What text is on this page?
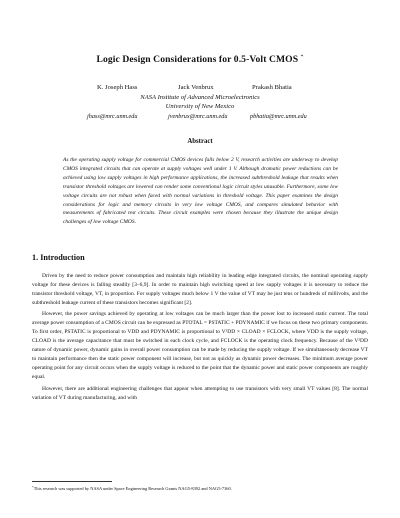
Logic Design Considerations for 0.5-Volt CMOS *
K. Joseph Hass	Jack Venbrux	Prakash Bhatia
NASA Institute of Advanced Microelectronics
University of New Mexico
jhass@mrc.unm.edu	jvenbrux@mrc.unm.edu	pbhatia@mrc.unm.edu
Abstract
As the operating supply voltage for commercial CMOS devices falls below 2 V, research activities are underway to develop CMOS integrated circuits that can operate at supply voltages well under 1 V. Although dramatic power reductions can be achieved using low supply voltages in high performance applications, the increased subthreshold leakage that results when transistor threshold voltages are lowered can render some conventional logic circuit styles unusable. Furthermore, some low voltage circuits are not robust when faced with normal variations in threshold voltage. This paper examines the design considerations for logic and memory circuits in very low voltage CMOS, and compares simulated behavior with measurements of fabricated test circuits. These circuit examples were chosen because they illustrate the unique design challenges of low voltage CMOS.
1. Introduction

Driven by the need to reduce power consumption and maintain high reliability in leading edge integrated circuits, the nominal operating supply voltage for these devices is falling steadily [3–6,9]. In order to maintain high switching speed at low supply voltages it is necessary to reduce the transistor threshold voltage, VT, in proportion. For supply voltages much below 1 V the value of VT may be just tens or hundreds of millivolts, and the subthreshold leakage current of these transistors becomes significant [2].

However, the power savings achieved by operating at low voltages can be much larger than the power lost to increased static current. The total average power consumption of a CMOS circuit can be expressed as PTOTAL = PSTATIC + PDYNAMIC if we focus on these two primary components. To first order, PSTATIC is proportional to VDD and PDYNAMIC is proportional to V²DD × CLOAD × FCLOCK, where VDD is the supply voltage, CLOAD is the average capacitance that must be switched in each clock cycle, and FCLOCK is the operating clock frequency. Because of the V²DD nature of dynamic power, dynamic gains in overall power consumption can be made by reducing the supply voltage. If we simultaneously decrease VT to maintain performance then the static power component will increase, but not as quickly as dynamic power decreases. The minimum average power operating point for any circuit occurs when the supply voltage is reduced to the point that the dynamic power and static power components are roughly equal.

However, there are additional engineering challenges that appear when attempting to use transistors with very small VT values [8]. The normal variation of VT during manufacturing, and with

*This research was supported by NASA under Space Engineering Research Grants NAG5-8392 and NAG5-7360.
